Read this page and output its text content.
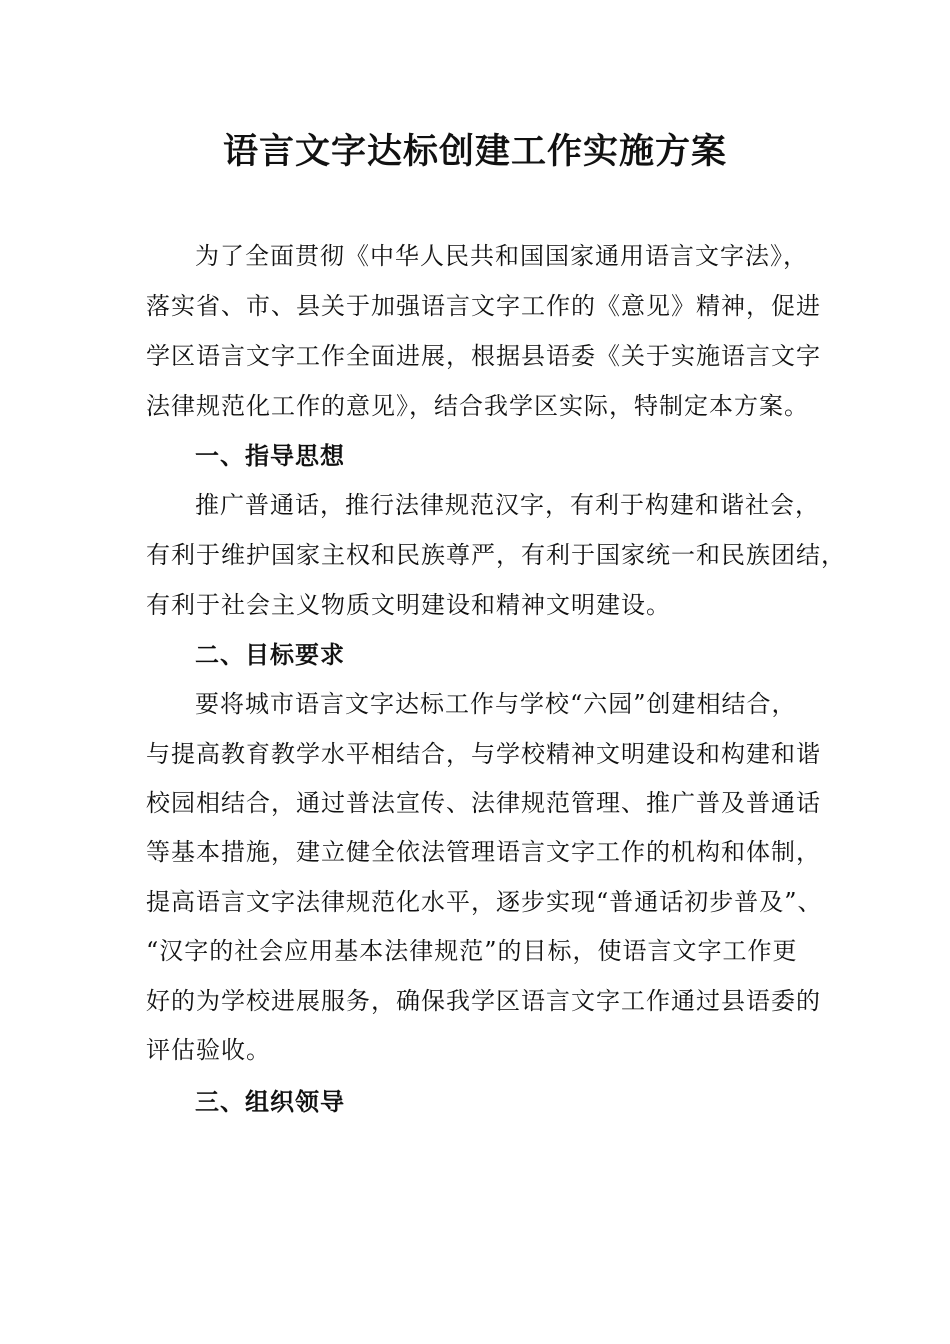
语言文字达标创建工作实施方案
为了全面贯彻《中华人民共和国国家通用语言文字法》，
落实省、市、县关于加强语言文字工作的《意见》精神，促进
学区语言文字工作全面进展，根据县语委《关于实施语言文字
法律规范化工作的意见》，结合我学区实际，特制定本方案。
一、指导思想
推广普通话，推行法律规范汉字，有利于构建和谐社会，
有利于维护国家主权和民族尊严，有利于国家统一和民族团结，
有利于社会主义物质文明建设和精神文明建设。
二、目标要求
要将城市语言文字达标工作与学校“六园”创建相结合，
与提高教育教学水平相结合，与学校精神文明建设和构建和谐
校园相结合，通过普法宣传、法律规范管理、推广普及普通话
等基本措施，建立健全依法管理语言文字工作的机构和体制，
提高语言文字法律规范化水平，逐步实现“普通话初步普及”、
“汉字的社会应用基本法律规范”的目标，使语言文字工作更
好的为学校进展服务，确保我学区语言文字工作通过县语委的
评估验收。
三、组织领导
